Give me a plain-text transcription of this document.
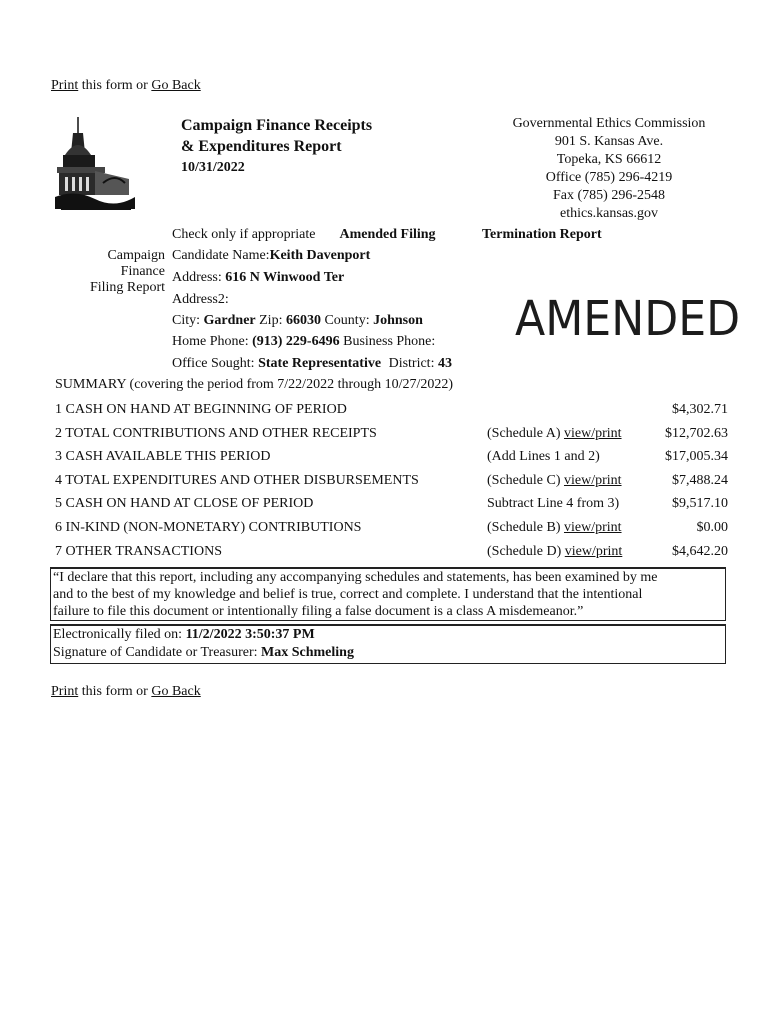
Print this form or Go Back
Campaign Finance Receipts
& Expenditures Report
10/31/2022
Governmental Ethics Commission
901 S. Kansas Ave.
Topeka, KS 66612
Office (785) 296-4219
Fax (785) 296-2548
ethics.kansas.gov
Check only if appropriate Amended Filing	Termination Report
Campaign
Finance
Filing Report
Candidate Name:Keith Davenport
Address: 616 N Winwood Ter
Address2:
City: Gardner Zip: 66030 County: Johnson
Home Phone: (913) 229-6496 Business Phone:
Office Sought: State Representative District: 43
AMENDED
SUMMARY (covering the period from 7/22/2022 through 10/27/2022)
1 CASH ON HAND AT BEGINNING OF PERIOD	$4,302.71
2 TOTAL CONTRIBUTIONS AND OTHER RECEIPTS	(Schedule A) view/print	$12,702.63
3 CASH AVAILABLE THIS PERIOD	(Add Lines 1 and 2)	$17,005.34
4 TOTAL EXPENDITURES AND OTHER DISBURSEMENTS	(Schedule C) view/print	$7,488.24
5 CASH ON HAND AT CLOSE OF PERIOD	Subtract Line 4 from 3)	$9,517.10
6 IN-KIND (NON-MONETARY) CONTRIBUTIONS	(Schedule B) view/print	$0.00
7 OTHER TRANSACTIONS	(Schedule D) view/print	$4,642.20
“I declare that this report, including any accompanying schedules and statements, has been examined by me
and to the best of my knowledge and belief is true, correct and complete. I understand that the intentional
failure to file this document or intentionally filing a false document is a class A misdemeanor.”
Electronically filed on: 11/2/2022 3:50:37 PM
Signature of Candidate or Treasurer: Max Schmeling
Print this form or Go Back
